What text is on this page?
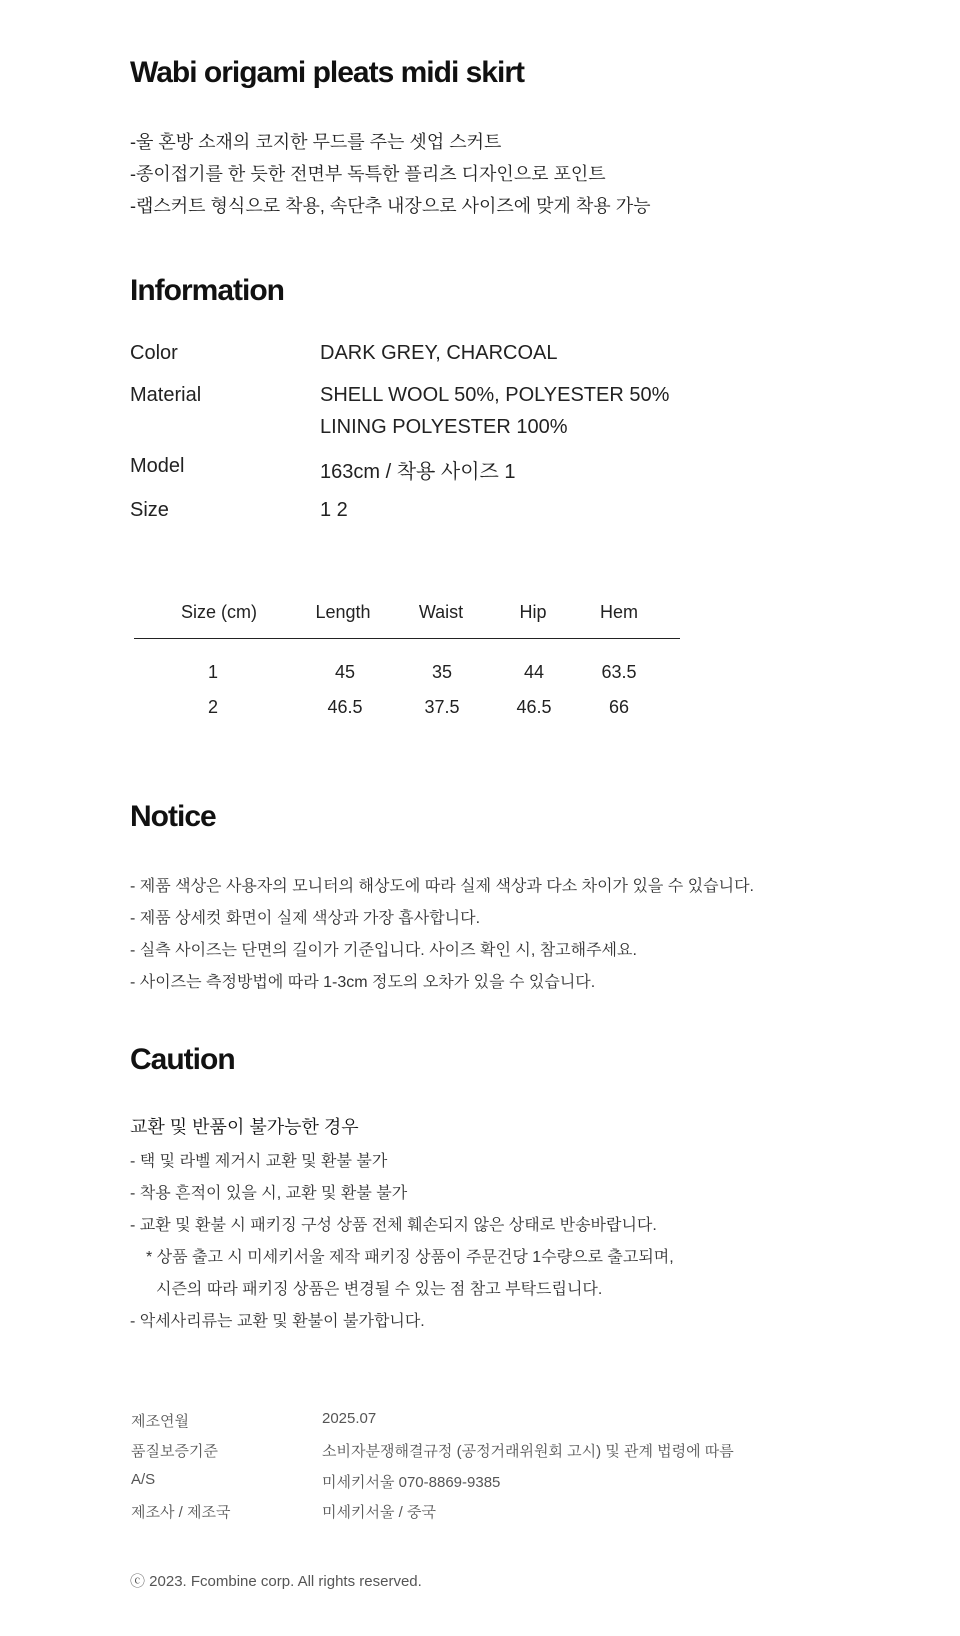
Wabi origami pleats midi skirt
-울 혼방 소재의 코지한 무드를 주는 셋업 스커트
-종이접기를 한 듯한 전면부 독특한 플리츠 디자인으로 포인트
-랩스커트 형식으로 착용, 속단추 내장으로 사이즈에 맞게 착용 가능
Information
Color	DARK GREY, CHARCOAL
Material	SHELL WOOL 50%, POLYESTER 50%
LINING POLYESTER 100%
Model	163cm / 착용 사이즈 1
Size	1 2
Size (cm)	Length	Waist	Hip	Hem
1	45	35	44	63.5
2	46.5	37.5	46.5	66
Notice
- 제품 색상은 사용자의 모니터의 해상도에 따라 실제 색상과 다소 차이가 있을 수 있습니다.
- 제품 상세컷 화면이 실제 색상과 가장 흡사합니다.
- 실측 사이즈는 단면의 길이가 기준입니다. 사이즈 확인 시, 참고해주세요.
- 사이즈는 측정방법에 따라 1-3cm 정도의 오차가 있을 수 있습니다.
Caution
교환 및 반품이 불가능한 경우
- 택 및 라벨 제거시 교환 및 환불 불가
- 착용 흔적이 있을 시, 교환 및 환불 불가
- 교환 및 환불 시 패키징 구성 상품 전체 훼손되지 않은 상태로 반송바랍니다.
* 상품 출고 시 미세키서울 제작 패키징 상품이 주문건당 1수량으로 출고되며,
시즌의 따라 패키징 상품은 변경될 수 있는 점 참고 부탁드립니다.
- 악세사리류는 교환 및 환불이 불가합니다.
제조연월	2025.07
품질보증기준	소비자분쟁해결규정 (공정거래위원회 고시) 및 관계 법령에 따름
A/S	미세키서울 070-8869-9385
제조사 / 제조국	미세키서울 / 중국
ⓒ 2023. Fcombine corp. All rights reserved.
